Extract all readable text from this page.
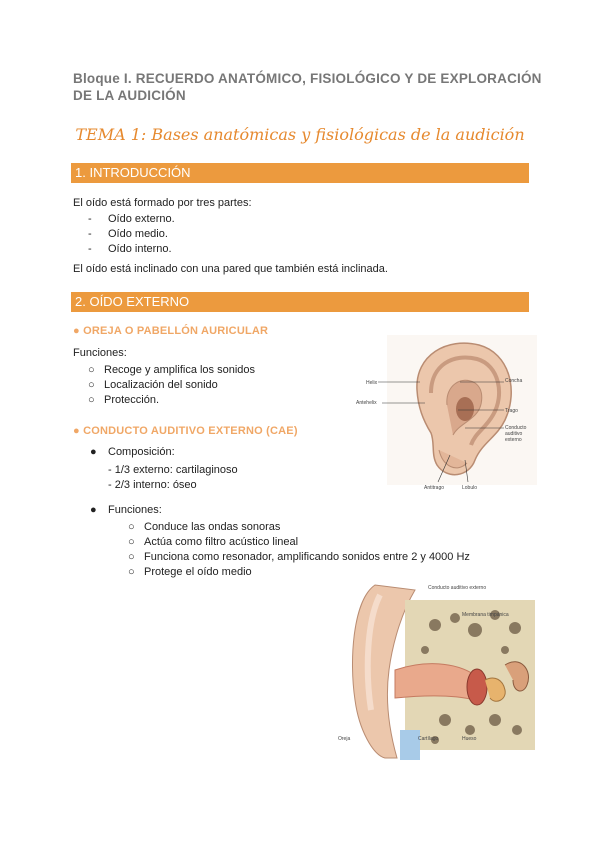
Bloque I. RECUERDO ANATÓMICO, FISIOLÓGICO Y DE EXPLORACIÓN DE LA AUDICIÓN
TEMA 1: Bases anatómicas y fisiológicas de la audición
1. INTRODUCCIÓN
El oído está formado por tres partes:
- Oído externo.
- Oído medio.
- Oído interno.
El oído está inclinado con una pared que también está inclinada.
2. OÍDO EXTERNO
● OREJA O PABELLÓN AURICULAR
Funciones:
○ Recoge y amplifica los sonidos
○ Localización del sonido
○ Protección.
● CONDUCTO AUDITIVO EXTERNO (CAE)
● Composición:
- 1/3 externo: cartilaginoso
- 2/3 interno: óseo
● Funciones:
○ Conduce las ondas sonoras
○ Actúa como filtro acústico lineal
○ Funciona como resonador, amplificando sonidos entre 2 y 4000 Hz
○ Protege el oído medio
Helix
Antehelix
Antitrago	Lobulo
Concha
Trago
Conducto auditivo externo
Conducto auditivo externo
Membrana timpánica
Oreja	Cartílago	Hueso
